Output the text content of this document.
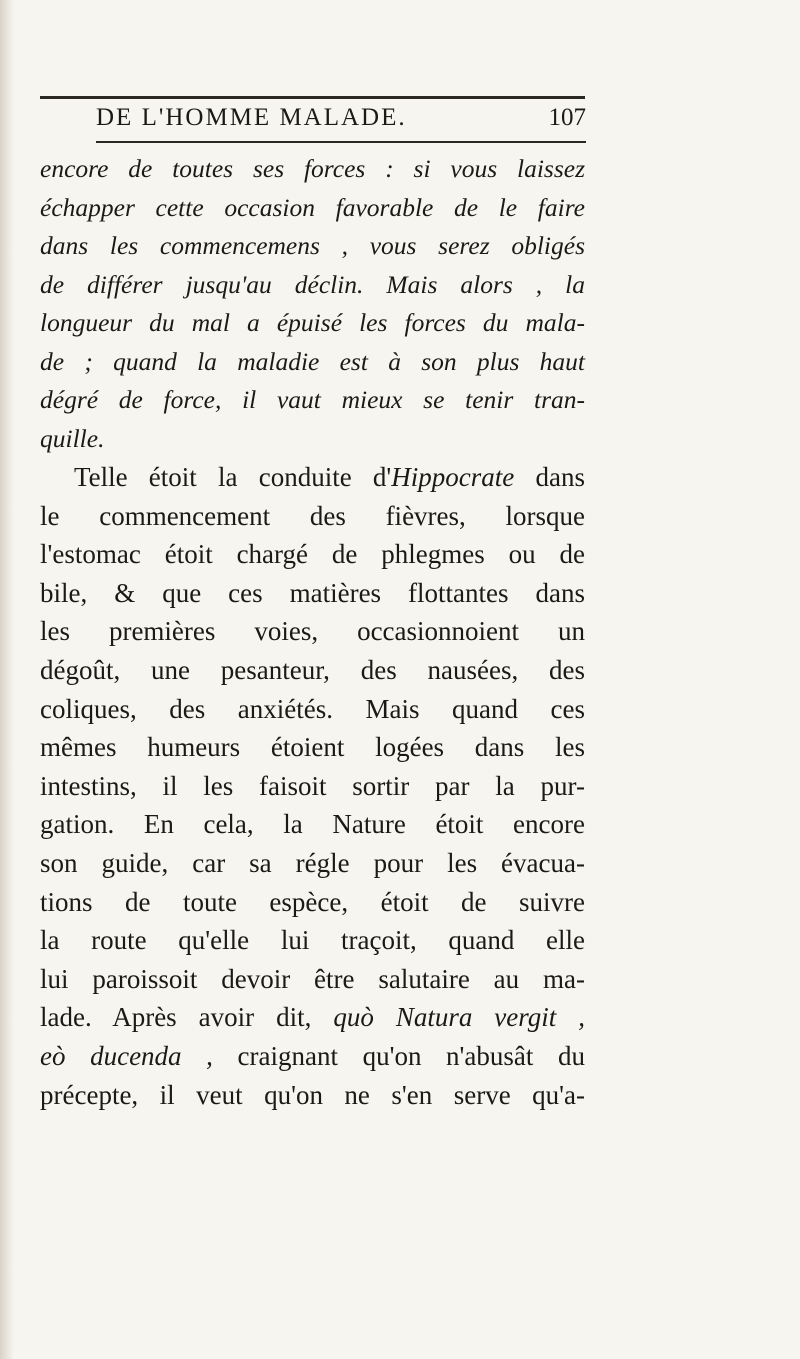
DE L'HOMME MALADE.	107
encore de toutes ses forces : si vous laissez
échapper cette occasion favorable de le faire
dans les commencemens , vous serez obligés
de différer jusqu'au déclin. Mais alors , la
longueur du mal a épuisé les forces du mala-
de ; quand la maladie est à son plus haut
dégré de force, il vaut mieux se tenir tran-
quille.
Telle étoit la conduite d'Hippocrate dans
le commencement des fièvres, lorsque
l'estomac étoit chargé de phlegmes ou de
bile, & que ces matières flottantes dans
les premières voies, occasionnoient un
dégoût, une pesanteur, des nausées, des
coliques, des anxiétés. Mais quand ces
mêmes humeurs étoient logées dans les
intestins, il les faisoit sortir par la pur-
gation. En cela, la Nature étoit encore
son guide, car sa régle pour les évacua-
tions de toute espèce, étoit de suivre
la route qu'elle lui traçoit, quand elle
lui paroissoit devoir être salutaire au ma-
lade. Après avoir dit, quò Natura vergit ,
eò ducenda , craignant qu'on n'abusât du
précepte, il veut qu'on ne s'en serve qu'a-
